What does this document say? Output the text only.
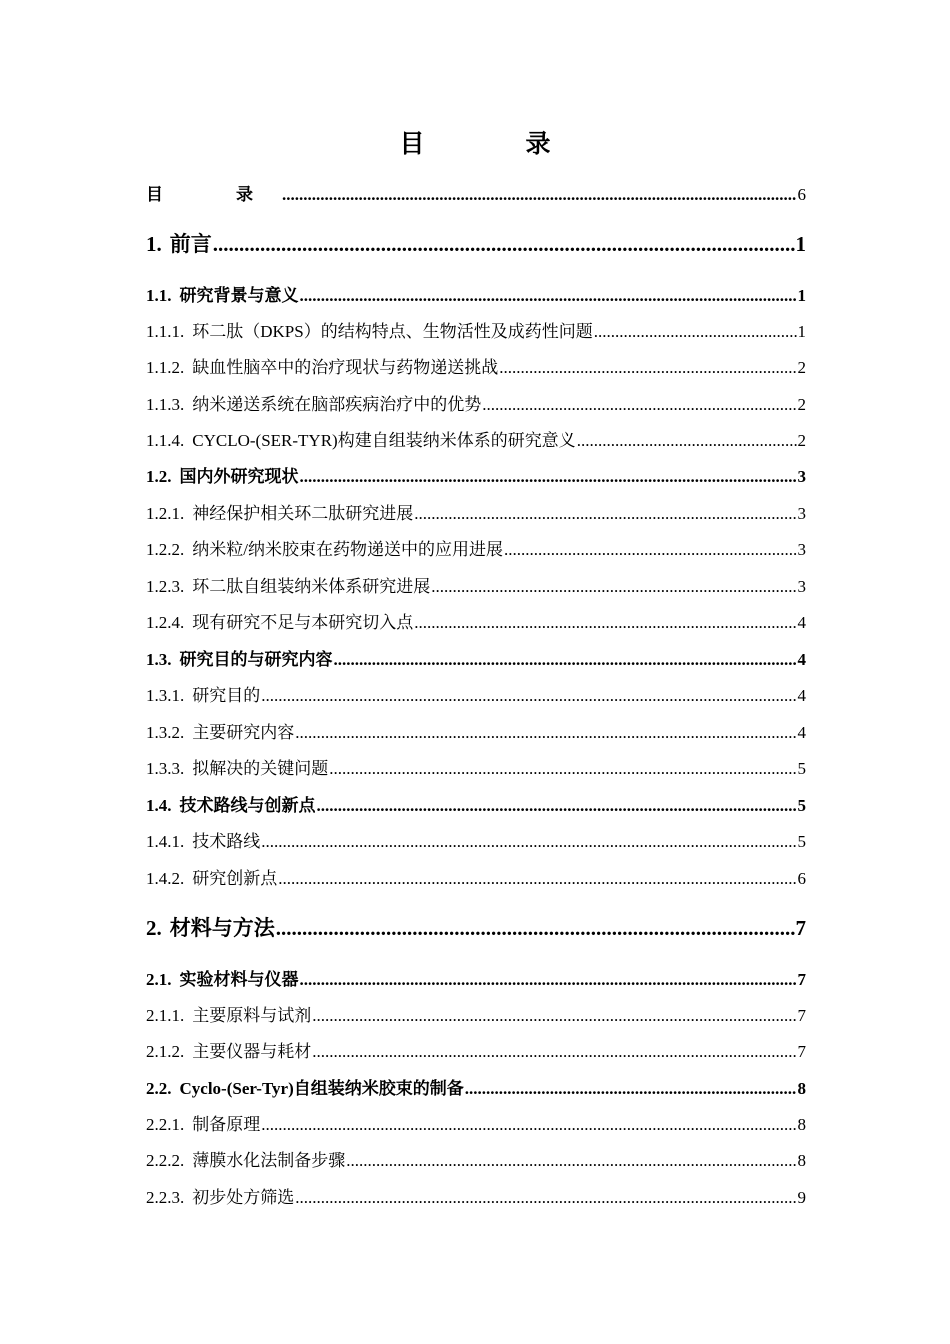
目　录
目　录 .....	6
1. 前言 .....	1
1.1. 研究背景与意义 .....	1
1.1.1. 环二肽（DKPS）的结构特点、生物活性及成药性问题 .....	1
1.1.2. 缺血性脑卒中的治疗现状与药物递送挑战 .....	2
1.1.3. 纳米递送系统在脑部疾病治疗中的优势 .....	2
1.1.4. CYCLO-(SER-TYR)构建自组装纳米体系的研究意义 .....	2
1.2. 国内外研究现状 .....	3
1.2.1. 神经保护相关环二肽研究进展 .....	3
1.2.2. 纳米粒/纳米胶束在药物递送中的应用进展 .....	3
1.2.3. 环二肽自组装纳米体系研究进展 .....	3
1.2.4. 现有研究不足与本研究切入点 .....	4
1.3. 研究目的与研究内容 .....	4
1.3.1. 研究目的 .....	4
1.3.2. 主要研究内容 .....	4
1.3.3. 拟解决的关键问题 .....	5
1.4. 技术路线与创新点 .....	5
1.4.1. 技术路线 .....	5
1.4.2. 研究创新点 .....	6
2. 材料与方法 .....	7
2.1. 实验材料与仪器 .....	7
2.1.1. 主要原料与试剂 .....	7
2.1.2. 主要仪器与耗材 .....	7
2.2. Cyclo-(Ser-Tyr)自组装纳米胶束的制备 .....	8
2.2.1. 制备原理 .....	8
2.2.2. 薄膜水化法制备步骤 .....	8
2.2.3. 初步处方筛选 .....	9
